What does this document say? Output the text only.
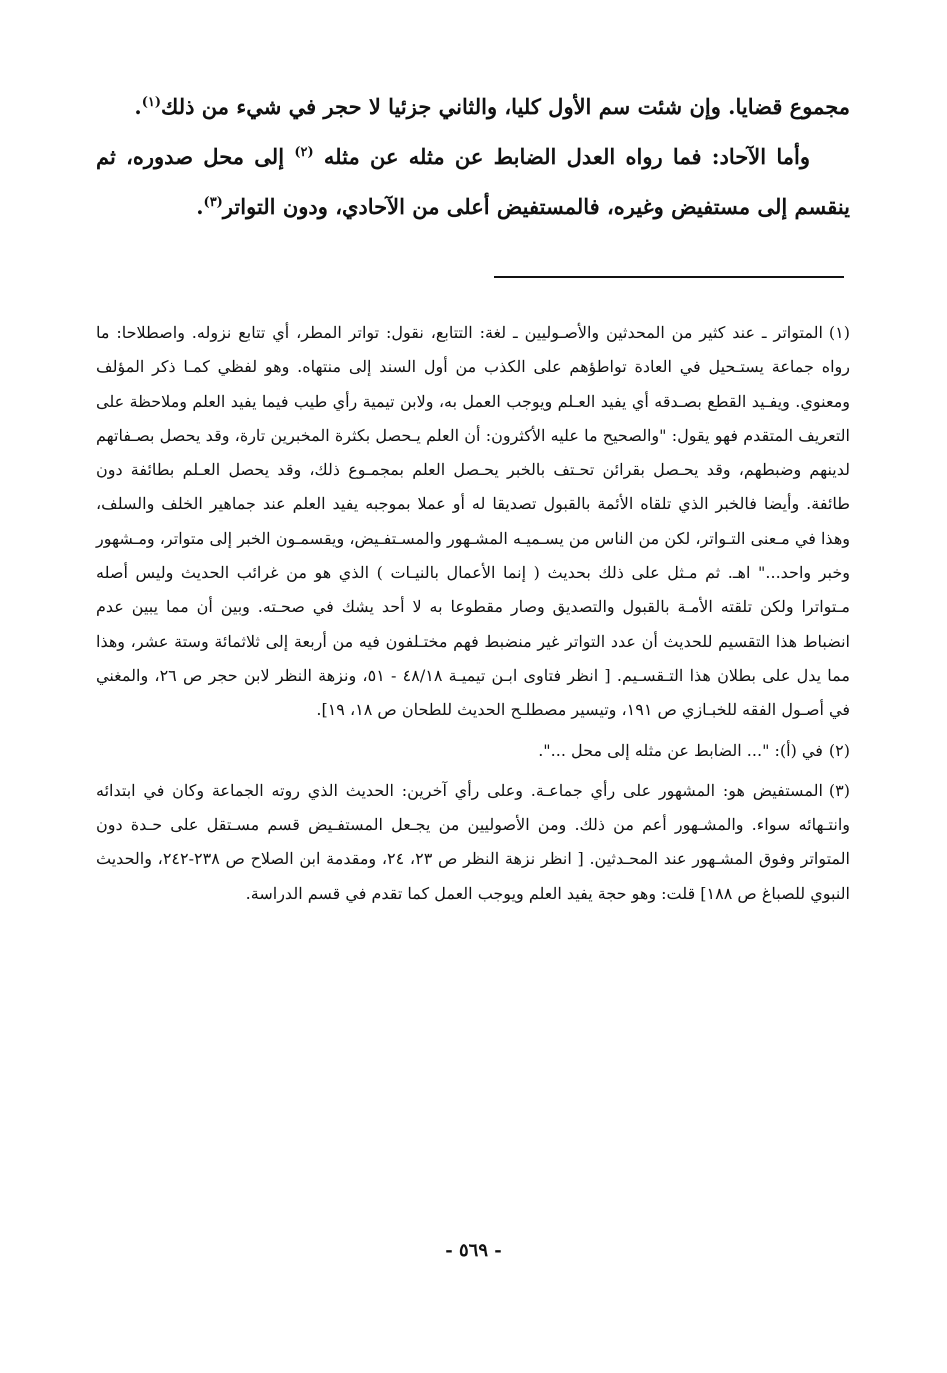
مجموع قضايا. وإن شئت سم الأول كليا، والثاني جزئيا لا حجر في شيء من ذلك$^{(١)}$.

وأما الآحاد: فما رواه العدل الضابط عن مثله عن مثله $^{(٢)}$ إلى محل صدوره، ثم ينقسم إلى مستفيض وغيره، فالمستفيض أعلى من الآحادي، ودون التواتر$^{(٣)}$.

(١)المتواتر ـ عند كثير من المحدثين والأصـوليين ـ لغة: التتابع، نقول: تواتر المطر، أي تتابع نزوله. واصطلاحا: ما رواه جماعة يستـحيل في العادة تواطؤهم على الكذب من أول السند إلى منتهاه. وهو لفظي كمـا ذكر المؤلف ومعنوي. ويفـيد القطع بصـدقه أي يفيد العـلم ويوجب العمل به، ولابن تيمية رأي طيب فيما يفيد العلم وملاحظة على التعريف المتقدم فهو يقول: "والصحيح ما عليه الأكثرون: أن العلم يـحصل بكثرة المخبرين تارة، وقد يحصل بصـفاتهم لدينهم وضبطهم، وقد يحـصل بقرائن تحـتف بالخبر يحـصل العلم بمجمـوع ذلك، وقد يحصل العـلم بطائفة دون طائفة. وأيضا فالخبر الذي تلقاه الأئمة بالقبول تصديقا له أو عملا بموجبه يفيد العلم عند جماهير الخلف والسلف، وهذا في مـعنى التـواتر، لكن من الناس من يسـميـه المشـهور والمسـتفـيض، ويقسمـون الخبر إلى متواتر، ومـشهور وخبر واحد..." اهـ. ثم مـثل على ذلك بحديث ( إنما الأعمال بالنيـات ) الذي هو من غرائب الحديث وليس أصله مـتواترا ولكن تلقته الأمـة بالقبول والتصديق وصار مقطوعا به لا أحد يشك في صحـته. وبين أن مما يبين عدم انضباط هذا التقسيم للحديث أن عدد التواتر غير منضبط فهم مختـلفون فيه من أربعة إلى ثلاثمائة وستة عشر، وهذا مما يدل على بطلان هذا التـقسـيم. [ انظر فتاوى ابـن تيميـة ٤٨/١٨ - ٥١، ونزهة النظر لابن حجر ص ٢٦، والمغني في أصـول الفقه للخبـازي ص ١٩١، وتيسير مصطلـح الحديث للطحان ص ١٨، ١٩].

(٢)في (أ): "... الضابط عن مثله إلى محل ...".

(٣)المستفيض هو: المشهور على رأي جماعـة. وعلى رأي آخرين: الحديث الذي روته الجماعة وكان في ابتدائه وانتـهائه سواء. والمشـهور أعم من ذلك. ومن الأصوليين من يجـعل المستفـيض قسم مسـتقل على حـدة دون المتواتر وفوق المشـهور عند المحـدثين. [ انظر نزهة النظر ص ٢٣، ٢٤، ومقدمة ابن الصلاح ص ٢٣٨-٢٤٢، والحديث النبوي للصباغ ص ١٨٨] قلت: وهو حجة يفيد العلم ويوجب العمل كما تقدم في قسم الدراسة.

- ٥٦٩ -
